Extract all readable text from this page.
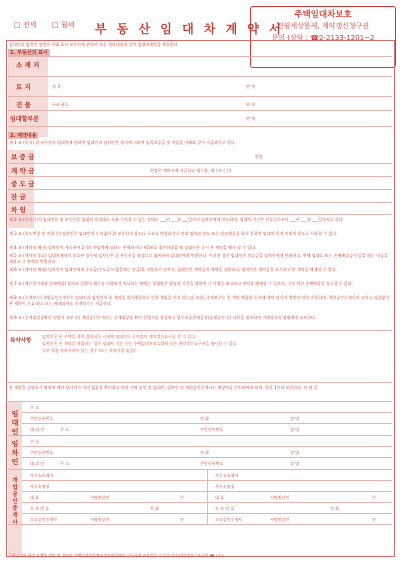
주택임대차보호
전월세상한제, 계약갱신청구권
문의 (상담 : ☎2-2133-1201~2
□ 전세 □ 월세 부 동 산 임 대 차 계 약 서
임대인과 임차인 쌍방은 아래 표시 부동산에 관하여 다음 계약내용과 같이 임대차계약을 체결한다.
1. 부동산의 표시
소 재 지
토 지	지 목	면 적
건 물	구조·용도	면 적
임대할부분	면 적
2. 계약내용
제 1 조 (목적) 위 부동산의 임대차에 한하여 임대인과 임차인은 합의에 의하여 임차보증금 및 차임을 아래와 같이 지급하기로 한다.
보 증 금	원정
계 약 금	원정은 계약시에 지급하고 영수함. 영수자 ( 인)
중 도 금
잔 금
차 임
제 2 조 (존속기간) 임대인은 위 부동산을 임대차 목적대로 사용·수익할 수 있는 상태로 ___년 ___월 ___일까지 임차인에게 인도하며, 임대차 기간은 인도일로부터 ___년 ___월 ___일까지로 한다.
제 3 조 (용도변경 및 전대 등) 임차인은 임대인의 동의없이 위 부동산의 용도나 구조를 변경하거나 전대·임차권 양도 또는 담보제공을 하지 못하며 임대차 목적 이외의 용도로 사용할 수 없다.
제 4 조 (계약의 해지) 임차인이 계속하여 2기의 차임액에 달하는 연체하거나 제3조를 위반하였을 때 임대인은 즉시 본 계약을 해지 할 수 있다.
제 5 조 (계약의 종료) 임대차계약이 종료된 경우에 임차인은 위 부동산을 원상으로 회복하여 임대인에게 반환한다. 이러한 경우 임대인은 보증금을 임차인에게 반환하고, 연체 임대료 또는 손해배상금이 있을 때는 이들을 제하고 그 잔액을 반환한다.
제 6 조 (계약의 해제) 임차인이 임대인에게 중도금(중도금이 없을때는 잔금)을 지불하기 전까지, 임대인은 계약금의 배액을 상환하고, 임차인은 계약금을 포기하고 본 계약을 해제할 수 있다.
제 7 조 (채무불이행과 손해배상) 당사자 일방이 채무를 이행하지 아니하는 때에는 상대방은 상당한 기간을 정하여 그 이행을 최고하고 계약을 해제할 수 있으며, 그로 인한 손해배상을 청구할 수 있다.
제 8 조 (중개보수) 개업공인중개사는 임대인과 임차인이 본 계약을 불이행함으로 인한 책임을 지지 않는다. 또한, 중개보수는 본 계약 체결과 동시에 계약 당사자 쌍방이 각각 지불하며, 개업공인중개사의 고의나 과실없이 본 계약이 무효·취소 또는 해제되어도 중개보수는 지급한다.
제 9 조 (중개대상물확인·설명서 교부 등) 개업공인중개사는 중개대상물 확인·설명서를 작성하고 업무보증관계증서(공제증서 등) 사본을 첨부하여 거래당사자 쌍방에게 교부한다.
특약사항
임차인은 본 주택을 계약 경과되는 시점에 임대인의 동의없이 계약갱신요구를 할 수 있다.
임차인은 본 계약을 체결하는 경우 임대차 기간 동안 주택임대차보호법에 따른 계약갱신요구권을 행사할 수 있음.
일부 별첨 특약사항이 있는 경우 (또는 특약사항 없음)
본 계약을 증명하기 위하여 계약 당사자가 이의 없음을 확인하고 각각 서명 날인 후 임대인, 임차인 및 개업공인중개사는 매장마다 간인하여야 하며, 각각 1통씩 보관한다. 년 월 일
임대인
주 소
주민등록번호	전 화	성 명
대 리 인	주 소	주민등록번호	성 명
임차인
주 소
주민등록번호	전 화	성 명
대 리 인	주 소	주민등록번호	성 명
개업공인중개사
사무소소재지	사무소소재지
사무소명칭	사무소명칭
대 표	서명및날인	인	대 표	서명및날인	인
등 록 번 호	전 화	등 록 번 호	전 화
소속공인중개사	서명및날인	인	소속공인중개사	서명및날인	인
주택임대차 관련 분쟁은 법원 외 절차인 주택임대차분쟁조정위원회에서 신속하게 조정받을 수 있습니다(대한법률구조공단 ☎ 132)
